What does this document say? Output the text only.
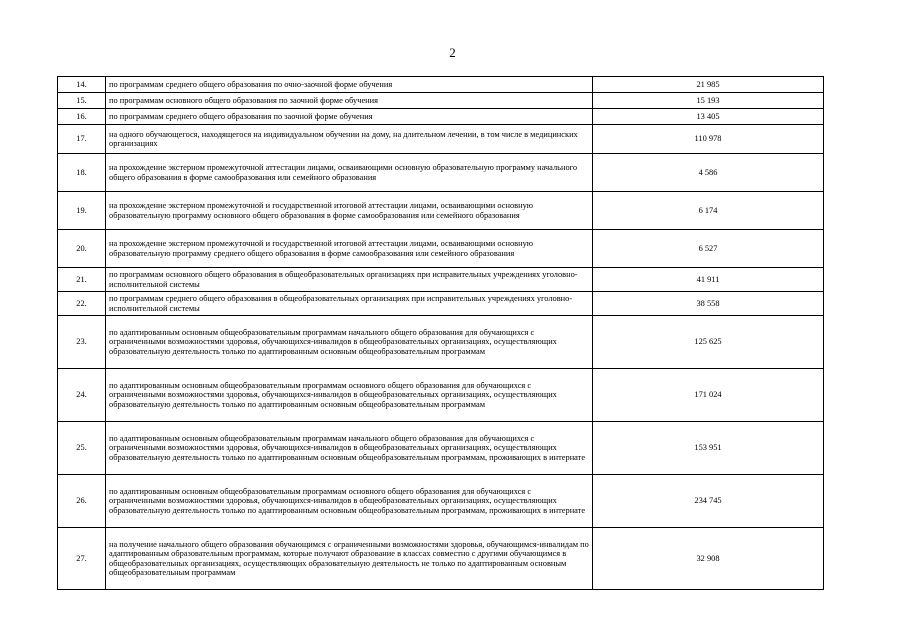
2
14.	по программам среднего общего образования по очно-заочной форме обучения	21 985
15.	по программам основного общего образования по заочной форме обучения	15 193
16.	по программам среднего общего образования по заочной форме обучения	13 405
17.	на одного обучающегося, находящегося на индивидуальном обучении на дому, на длительном лечении, в том числе в медицинских организациях	110 978
18.	на прохождение экстерном промежуточной аттестации лицами, осваивающими основную образовательную программу начального общего образования в форме самообразования или семейного образования	4 586
19.	на прохождение экстерном промежуточной и государственной итоговой аттестации лицами, осваивающими основную образовательную программу основного общего образования в форме самообразования или семейного образования	6 174
20.	на прохождение экстерном промежуточной и государственной итоговой аттестации лицами, осваивающими основную образовательную программу среднего общего образования в форме самообразования или семейного образования	6 527
21.	по программам основного общего образования в общеобразовательных организациях при исправительных учреждениях уголовно-исполнительной системы	41 911
22.	по программам среднего общего образования в общеобразовательных организациях при исправительных учреждениях уголовно-исполнительной системы	38 558
23.	по адаптированным основным общеобразовательным программам начального общего образования для обучающихся с ограниченными возможностями здоровья, обучающихся-инвалидов в общеобразовательных организациях, осуществляющих образовательную деятельность только по адаптированным основным общеобразовательным программам	125 625
24.	по адаптированным основным общеобразовательным программам основного общего образования для обучающихся с ограниченными возможностями здоровья, обучающихся-инвалидов в общеобразовательных организациях, осуществляющих образовательную деятельность только по адаптированным основным общеобразовательным программам	171 024
25.	по адаптированным основным общеобразовательным программам начального общего образования для обучающихся с ограниченными возможностями здоровья, обучающихся-инвалидов в общеобразовательных организациях, осуществляющих образовательную деятельность только по адаптированным основным общеобразовательным программам, проживающих в интернате	153 951
26.	по адаптированным основным общеобразовательным программам основного общего образования для обучающихся с ограниченными возможностями здоровья, обучающихся-инвалидов в общеобразовательных организациях, осуществляющих образовательную деятельность только по адаптированным основным общеобразовательным программам, проживающих в интернате	234 745
27.	на получение начального общего образования обучающимся с ограниченными возможностями здоровья, обучающимся-инвалидам по адаптированным образовательным программам, которые получают образование в классах совместно с другими обучающимся в общеобразовательных организациях, осуществляющих образовательную деятельность не только по адаптированным основным общеобразовательным программам	32 908
